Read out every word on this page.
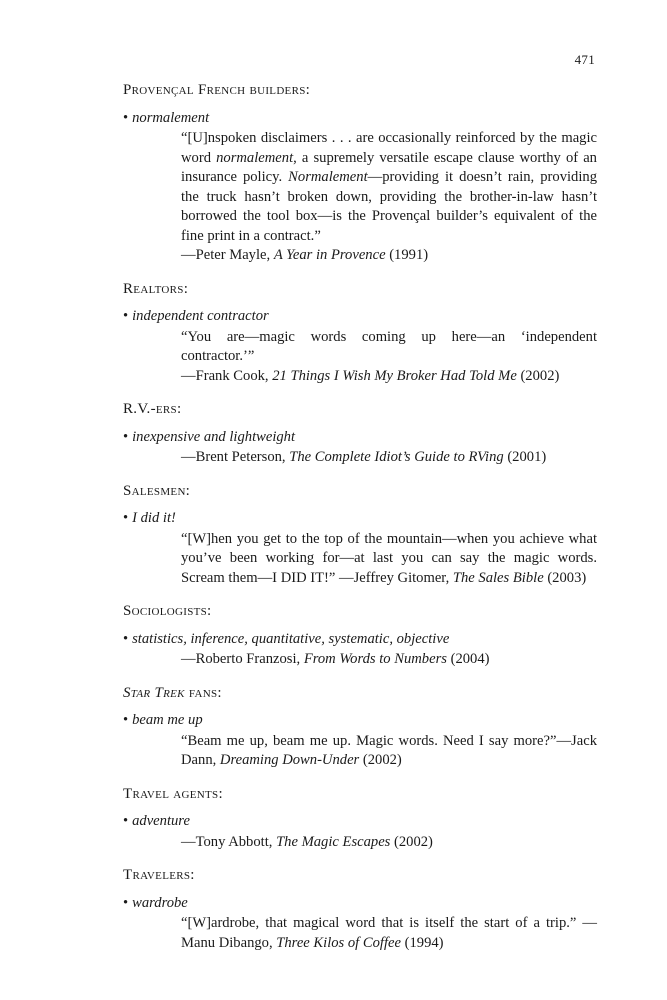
471
Provençal French builders:
• normalement
“[U]nspoken disclaimers . . . are occasionally reinforced by the magic word normalement, a supremely versatile escape clause worthy of an insurance policy. Normalement—providing it doesn’t rain, providing the truck hasn’t broken down, providing the brother-in-law hasn’t borrowed the tool box—is the Provençal builder’s equivalent of the fine print in a contract.”
—Peter Mayle, A Year in Provence (1991)
Realtors:
• independent contractor
“You are—magic words coming up here—an ‘independent contractor.’”
—Frank Cook, 21 Things I Wish My Broker Had Told Me (2002)
R.V.-ers:
• inexpensive and lightweight
—Brent Peterson, The Complete Idiot’s Guide to RVing (2001)
Salesmen:
• I did it!
“[W]hen you get to the top of the mountain—when you achieve what you’ve been working for—at last you can say the magic words. Scream them—I DID IT!” —Jeffrey Gitomer, The Sales Bible (2003)
Sociologists:
• statistics, inference, quantitative, systematic, objective
—Roberto Franzosi, From Words to Numbers (2004)
Star Trek fans:
• beam me up
“Beam me up, beam me up. Magic words. Need I say more?”—Jack Dann, Dreaming Down-Under (2002)
Travel agents:
• adventure
—Tony Abbott, The Magic Escapes (2002)
Travelers:
• wardrobe
“[W]ardrobe, that magical word that is itself the start of a trip.” —Manu Dibango, Three Kilos of Coffee (1994)
